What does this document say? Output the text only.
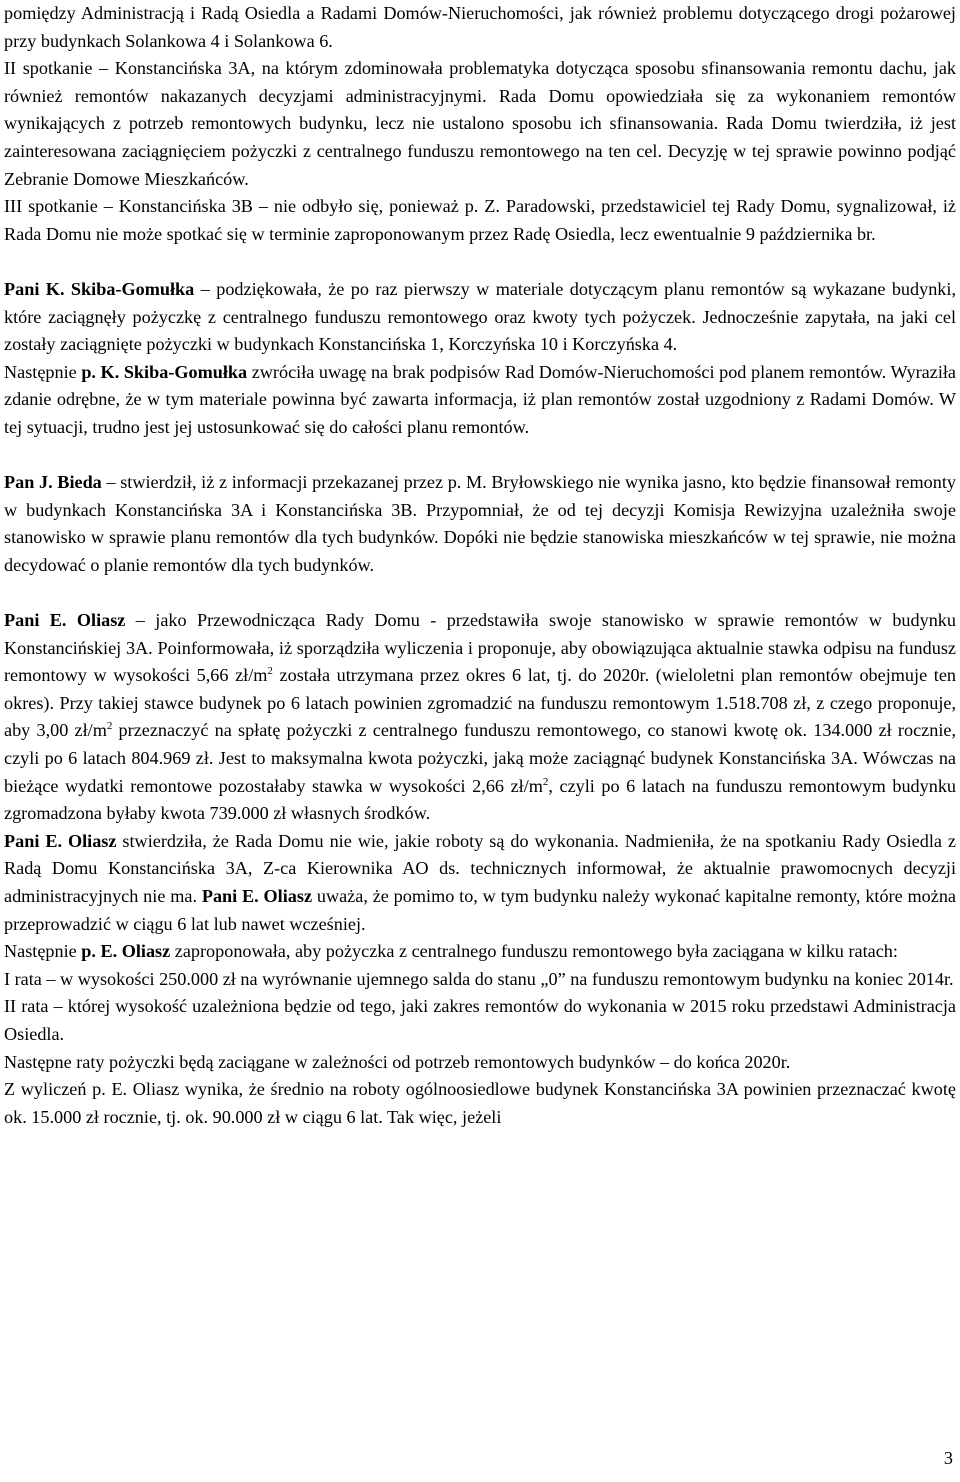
pomiędzy Administracją i Radą Osiedla a Radami Domów-Nieruchomości, jak również problemu dotyczącego drogi pożarowej przy budynkach Solankowa 4 i Solankowa 6.

II spotkanie – Konstancińska 3A, na którym zdominowała problematyka dotycząca sposobu sfinansowania remontu dachu, jak również remontów nakazanych decyzjami administracyjnymi. Rada Domu opowiedziała się za wykonaniem remontów wynikających z potrzeb remontowych budynku, lecz nie ustalono sposobu ich sfinansowania. Rada Domu twierdziła, iż jest zainteresowana zaciągnięciem pożyczki z centralnego funduszu remontowego na ten cel. Decyzję w tej sprawie powinno podjąć Zebranie Domowe Mieszkańców.

III spotkanie – Konstancińska 3B – nie odbyło się, ponieważ p. Z. Paradowski, przedstawiciel tej Rady Domu, sygnalizował, iż Rada Domu nie może spotkać się w terminie zaproponowanym przez Radę Osiedla, lecz ewentualnie 9 października br.

Pani K. Skiba-Gomułka – podziękowała, że po raz pierwszy w materiale dotyczącym planu remontów są wykazane budynki, które zaciągnęły pożyczkę z centralnego funduszu remontowego oraz kwoty tych pożyczek. Jednocześnie zapytała, na jaki cel zostały zaciągnięte pożyczki w budynkach Konstancińska 1, Korczyńska 10 i Korczyńska 4.

Następnie p. K. Skiba-Gomułka zwróciła uwagę na brak podpisów Rad Domów-Nieruchomości pod planem remontów. Wyraziła zdanie odrębne, że w tym materiale powinna być zawarta informacja, iż plan remontów został uzgodniony z Radami Domów. W tej sytuacji, trudno jest jej ustosunkować się do całości planu remontów.

Pan J. Bieda – stwierdził, iż z informacji przekazanej przez p. M. Bryłowskiego nie wynika jasno, kto będzie finansował remonty w budynkach Konstancińska 3A i Konstancińska 3B. Przypomniał, że od tej decyzji Komisja Rewizyjna uzależniła swoje stanowisko w sprawie planu remontów dla tych budynków. Dopóki nie będzie stanowiska mieszkańców w tej sprawie, nie można decydować o planie remontów dla tych budynków.

Pani E. Oliasz – jako Przewodnicząca Rady Domu - przedstawiła swoje stanowisko w sprawie remontów w budynku Konstancińskiej 3A. Poinformowała, iż sporządziła wyliczenia i proponuje, aby obowiązująca aktualnie stawka odpisu na fundusz remontowy w wysokości 5,66 $zł/m^2$ została utrzymana przez okres 6 lat, tj. do 2020r. (wieloletni plan remontów obejmuje ten okres). Przy takiej stawce budynek po 6 latach powinien zgromadzić na funduszu remontowym 1.518.708 zł, z czego proponuje, aby 3,00 $zł/m^2$ przeznaczyć na spłatę pożyczki z centralnego funduszu remontowego, co stanowi kwotę ok. 134.000 zł rocznie, czyli po 6 latach 804.969 zł. Jest to maksymalna kwota pożyczki, jaką może zaciągnąć budynek Konstancińska 3A. Wówczas na bieżące wydatki remontowe pozostałaby stawka w wysokości 2,66 $zł/m^2$, czyli po 6 latach na funduszu remontowym budynku zgromadzona byłaby kwota 739.000 zł własnych środków.

Pani E. Oliasz stwierdziła, że Rada Domu nie wie, jakie roboty są do wykonania. Nadmieniła, że na spotkaniu Rady Osiedla z Radą Domu Konstancińska 3A, Z-ca Kierownika AO ds. technicznych informował, że aktualnie prawomocnych decyzji administracyjnych nie ma. Pani E. Oliasz uważa, że pomimo to, w tym budynku należy wykonać kapitalne remonty, które można przeprowadzić w ciągu 6 lat lub nawet wcześniej.

Następnie p. E. Oliasz zaproponowała, aby pożyczka z centralnego funduszu remontowego była zaciągana w kilku ratach:

I rata – w wysokości 250.000 zł na wyrównanie ujemnego salda do stanu „0” na funduszu remontowym budynku na koniec 2014r.

II rata – której wysokość uzależniona będzie od tego, jaki zakres remontów do wykonania w 2015 roku przedstawi Administracja Osiedla.

Następne raty pożyczki będą zaciągane w zależności od potrzeb remontowych budynków – do końca 2020r.

Z wyliczeń p. E. Oliasz wynika, że średnio na roboty ogólnoosiedlowe budynek Konstancińska 3A powinien przeznaczać kwotę ok. 15.000 zł rocznie, tj. ok. 90.000 zł w ciągu 6 lat. Tak więc, jeżeli

3
